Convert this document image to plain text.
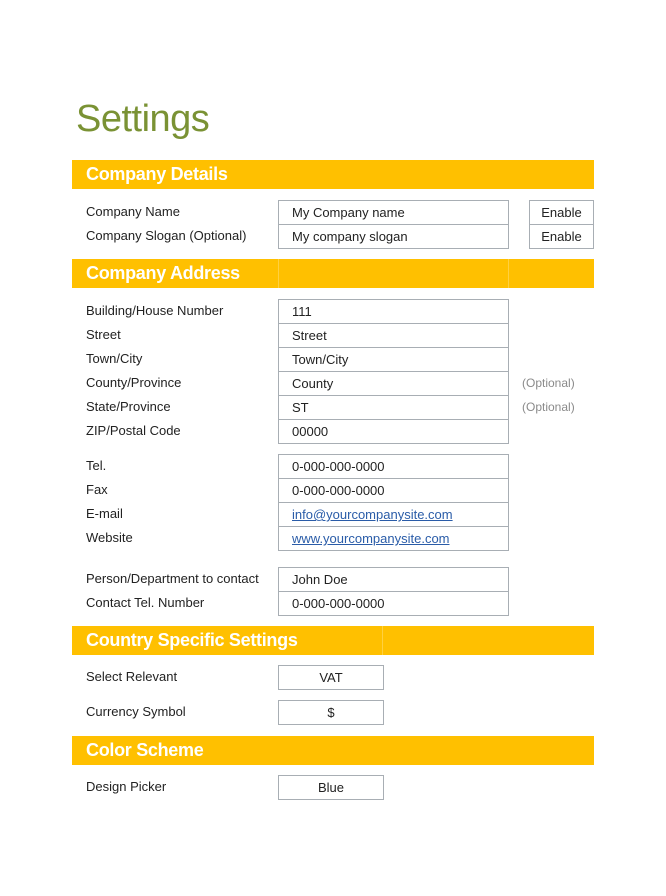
Settings
Company Details
Company Name	My Company name	Enable
Company Slogan (Optional)	My company slogan	Enable
Company Address
Building/House Number	111
Street	Street
Town/City	Town/City
County/Province	County	(Optional)
State/Province	ST	(Optional)
ZIP/Postal Code	00000
Tel.	0-000-000-0000
Fax	0-000-000-0000
E-mail	info@yourcompanysite.com
Website	www.yourcompanysite.com
Person/Department to contact	John Doe
Contact Tel. Number	0-000-000-0000
Country Specific Settings
Select Relevant	VAT
Currency Symbol	$
Color Scheme
Design Picker	Blue
